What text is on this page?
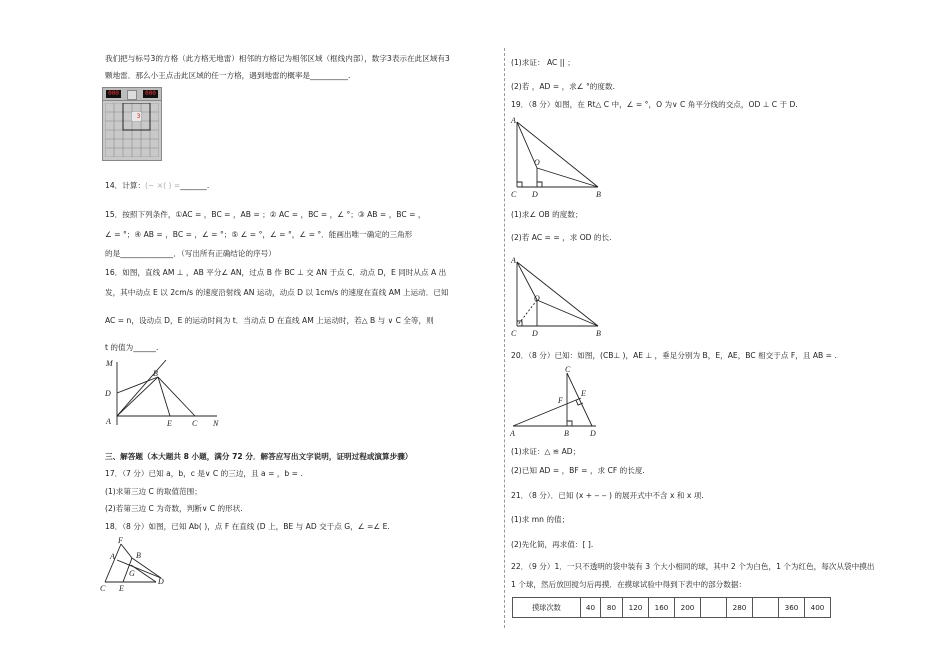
我们把与标号3的方格（此方格无地雷）相邻的方格记为相邻区域（框线内部），数字3表示在此区域有3
颗地雷．那么小王点击此区域的任一方格，遇到地雷的概率是__________.
000	000
3
14．计算：(− ×( ) =_______.
15．按照下列条件，①AC = ，BC = ，AB = ；② AC = ，BC = ，∠ °；③ AB = ，BC = ，
∠ = °；④ AB = ，BC = ，∠ = °；⑤ ∠ = °，∠ = °，∠ = °．能画出唯一确定的三角形
的是______________．（写出所有正确结论的序号）
16．如图，直线 AM ⊥ ，AB 平分∠ AN，过点 B 作 BC ⊥ 交 AN 于点 C．动点 D，E 同时从点 A 出
发，其中动点 E 以 2cm/s 的速度沿射线 AN 运动，动点 D 以 1cm/s 的速度在直线 AM 上运动．已知
AC = n，设动点 D，E 的运动时间为 t．当动点 D 在直线 AM 上运动时，若△ B 与 ∨ C 全等，则
t 的值为______.
M
B
D
A	E	C N
三、解答题（本大题共 8 小题，满分 72 分．解答应写出文字说明，证明过程或演算步骤）
17．（7 分）已知 a，b，c 是∨ C 的三边，且 a = ，b = .
(1)求第三边 C 的取值范围；
(2)若第三边 C 为奇数，判断∨ C 的形状.
18．（8 分）如图，已知 Ab( )，点 F 在直线 (D 上，BE 与 AD 交于点 G，∠ =∠ E.
F
A	B
G
C E
D
(1)求证： AC || ；
(2)若 ，AD = ，求∠ °的度数.
19．（8 分）如图，在 Rt△ C 中，∠ = °，O 为∨ C 角平分线的交点，OD ⊥ C 于 D.
A
O
C D	B
(1)求∠ OB 的度数；
(2)若 AC = = ，求 OD 的长.
A
O
C D	B
20．（8 分）已知：如图，(CB⊥ )，AE ⊥ ，垂足分别为 B，E，AE，BC 相交于点 F，且 AB = .
C
E
F
A	B	D
(1)求证：△ ≌ AD；
(2)已知 AD = ，BF = ，求 CF 的长度.
21．（8 分）．已知 (x + ‒ ‒ ) 的展开式中不含 x 和 x 项.
(1)求 mn 的值；
(2)先化简，再求值：[ ].
22．（9 分）1．一只不透明的袋中装有 3 个大小相同的球，其中 2 个为白色，1 个为红色，每次从袋中摸出
1 个球，然后放回搅匀后再摸．在摸球试验中得到下表中的部分数据：
摸球次数	40	80	120	160	200		280		360	400
